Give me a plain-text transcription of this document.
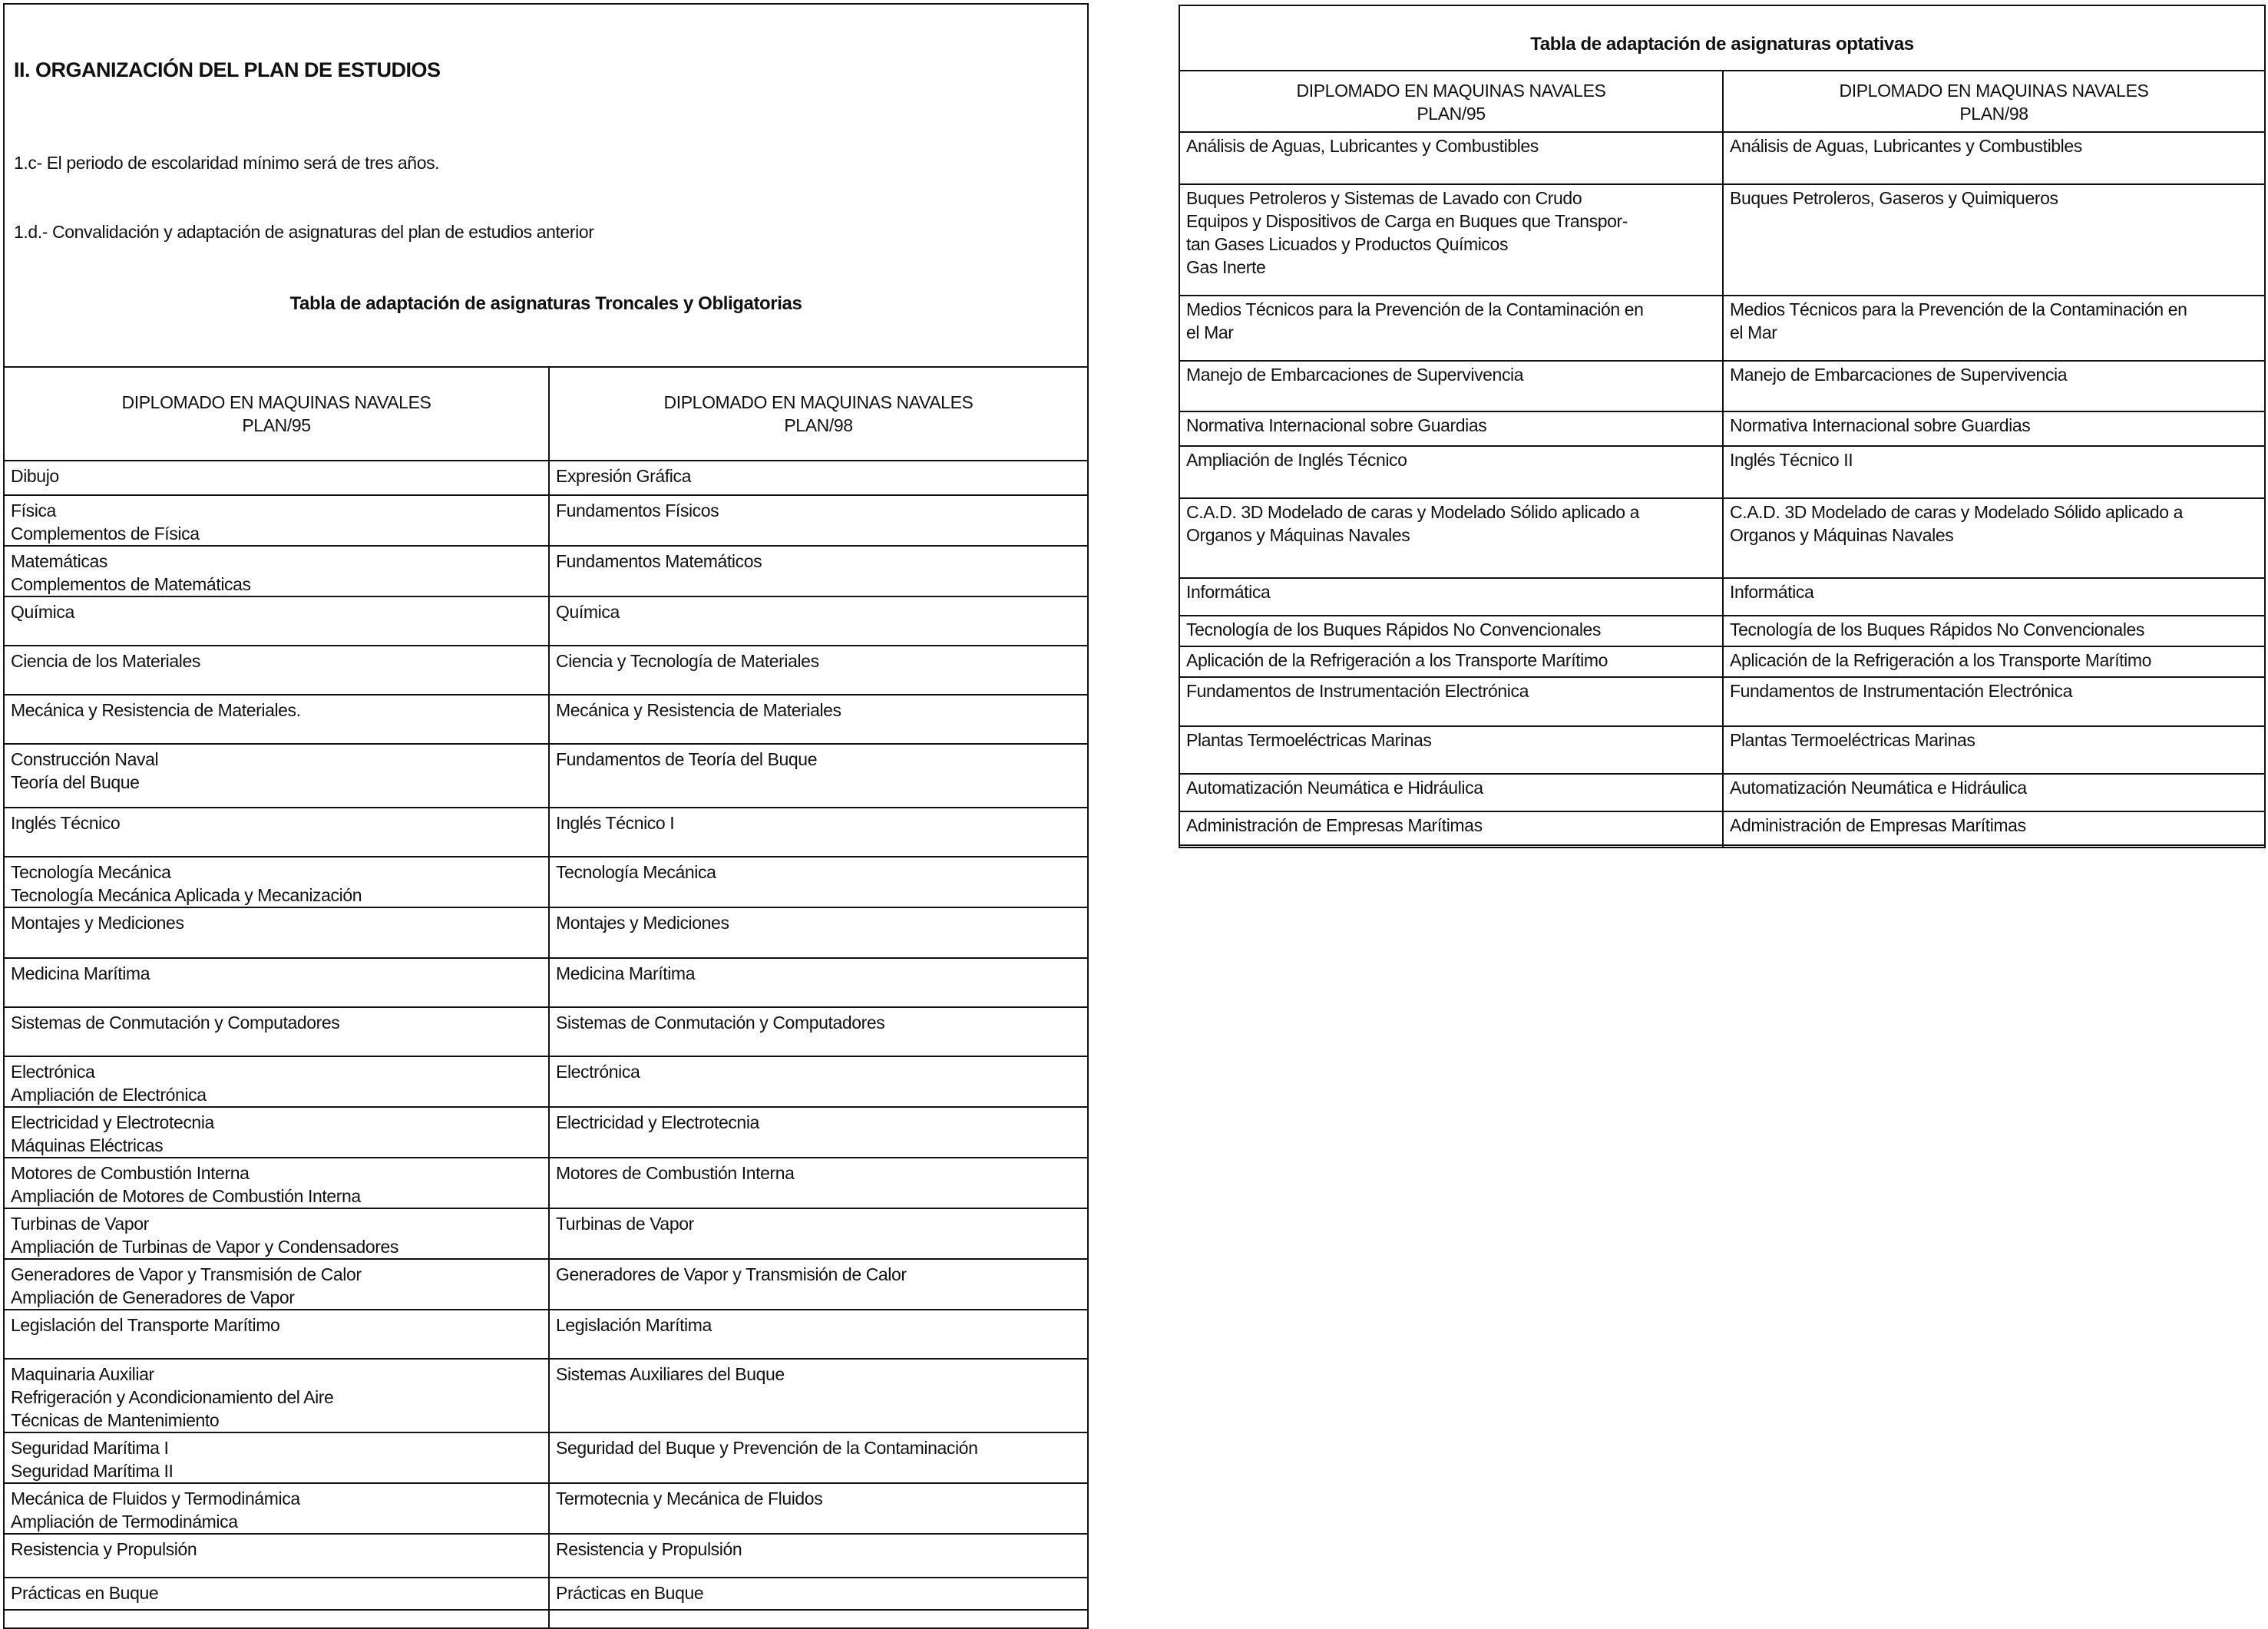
II. ORGANIZACIÓN DEL PLAN DE ESTUDIOS
1.c- El periodo de escolaridad mínimo será de tres años.
1.d.- Convalidación y adaptación de asignaturas del plan de estudios anterior
Tabla de adaptación de asignaturas Troncales y Obligatorias
DIPLOMADO EN MAQUINAS NAVALES
PLAN/95	DIPLOMADO EN MAQUINAS NAVALES
PLAN/98

Dibujo	Expresión Gráfica

Física
Complementos de Física	Fundamentos Físicos

Matemáticas
Complementos de Matemáticas	Fundamentos Matemáticos

Química	Química

Ciencia de los Materiales	Ciencia y Tecnología de Materiales

Mecánica y Resistencia de Materiales.	Mecánica y Resistencia de Materiales

Construcción Naval
Teoría del Buque	Fundamentos de Teoría del Buque

Inglés Técnico	Inglés Técnico I

Tecnología Mecánica
Tecnología Mecánica Aplicada y Mecanización	Tecnología Mecánica

Montajes y Mediciones	Montajes y Mediciones

Medicina Marítima	Medicina Marítima

Sistemas de Conmutación y Computadores	Sistemas de Conmutación y Computadores

Electrónica
Ampliación de Electrónica	Electrónica

Electricidad y Electrotecnia
Máquinas Eléctricas	Electricidad y Electrotecnia

Motores de Combustión Interna
Ampliación de Motores de Combustión Interna	Motores de Combustión Interna

Turbinas de Vapor
Ampliación de Turbinas de Vapor y Condensadores	Turbinas de Vapor

Generadores de Vapor y Transmisión de Calor
Ampliación de Generadores de Vapor	Generadores de Vapor y Transmisión de Calor

Legislación del Transporte Marítimo	Legislación Marítima

Maquinaria Auxiliar
Refrigeración y Acondicionamiento del Aire
Técnicas de Mantenimiento	Sistemas Auxiliares del Buque

Seguridad Marítima I
Seguridad Marítima II	Seguridad del Buque y Prevención de la Contaminación

Mecánica de Fluidos y Termodinámica
Ampliación de Termodinámica	Termotecnia y Mecánica de Fluidos

Resistencia y Propulsión	Resistencia y Propulsión

Prácticas en Buque	Prácticas en Buque
Tabla de adaptación de asignaturas optativas
DIPLOMADO EN MAQUINAS NAVALES
PLAN/95	DIPLOMADO EN MAQUINAS NAVALES
PLAN/98

Análisis de Aguas, Lubricantes y Combustibles	Análisis de Aguas, Lubricantes y Combustibles

Buques Petroleros y Sistemas de Lavado con Crudo
Equipos y Dispositivos de Carga en Buques que Transpor-
tan Gases Licuados y Productos Químicos
Gas Inerte	Buques Petroleros, Gaseros y Quimiqueros

Medios Técnicos para la Prevención de la Contaminación en
el Mar	Medios Técnicos para la Prevención de la Contaminación en
el Mar

Manejo de Embarcaciones de Supervivencia	Manejo de Embarcaciones de Supervivencia

Normativa Internacional sobre Guardias	Normativa Internacional sobre Guardias

Ampliación de Inglés Técnico	Inglés Técnico II

C.A.D. 3D Modelado de caras y Modelado Sólido aplicado a
Organos y Máquinas Navales	C.A.D. 3D Modelado de caras y Modelado Sólido aplicado a
Organos y Máquinas Navales

Informática	Informática

Tecnología de los Buques Rápidos No Convencionales	Tecnología de los Buques Rápidos No Convencionales

Aplicación de la Refrigeración a los Transporte Marítimo	Aplicación de la Refrigeración a los Transporte Marítimo

Fundamentos de Instrumentación Electrónica	Fundamentos de Instrumentación Electrónica

Plantas Termoeléctricas Marinas	Plantas Termoeléctricas Marinas

Automatización Neumática e Hidráulica	Automatización Neumática e Hidráulica

Administración de Empresas Marítimas	Administración de Empresas Marítimas
